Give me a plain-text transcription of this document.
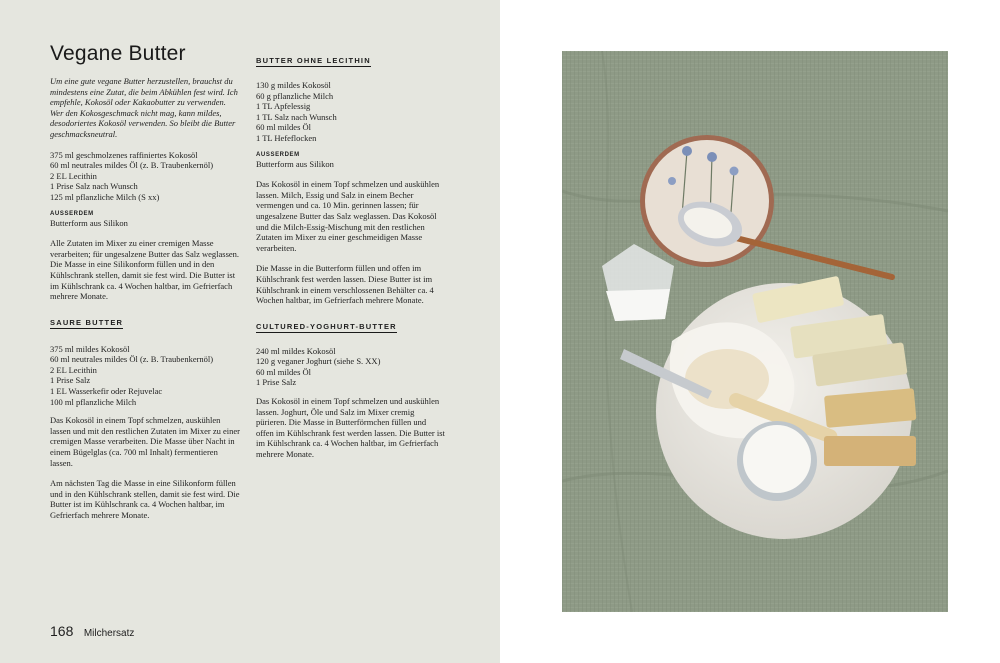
Vegane Butter

Um eine gute vegane Butter herzustellen, brauchst du mindestens eine Zutat, die beim Abkühlen fest wird. Ich empfehle, Kokosöl oder Kakaobutter zu verwenden. Wer den Kokosgeschmack nicht mag, kann mildes, desodoriertes Kokosöl verwenden. So bleibt die Butter geschmacksneutral.

375 ml geschmolzenes raffiniertes Kokosöl
60 ml neutrales mildes Öl (z. B. Traubenkernöl)
2 EL Lecithin
1 Prise Salz nach Wunsch
125 ml pflanzliche Milch (S xx)
AUSSERDEM

Butterform aus Silikon

Alle Zutaten im Mixer zu einer cremigen Masse verarbeiten; für ungesalzene Butter das Salz weglassen. Die Masse in eine Silikonform füllen und in den Kühlschrank stellen, damit sie fest wird. Die Butter ist im Kühlschrank ca. 4 Wochen haltbar, im Gefrierfach mehrere Monate.

SAURE BUTTER
375 ml mildes Kokosöl
60 ml neutrales mildes Öl (z. B. Traubenkernöl)
2 EL Lecithin
1 Prise Salz
1 EL Wasserkefir oder Rejuvelac
100 ml pflanzliche Milch

Das Kokosöl in einem Topf schmelzen, auskühlen lassen und mit den restlichen Zutaten im Mixer zu einer cremigen Masse verarbeiten. Die Masse über Nacht in einem Bügelglas (ca. 700 ml Inhalt) fermentieren lassen.

Am nächsten Tag die Masse in eine Silikonform füllen und in den Kühlschrank stellen, damit sie fest wird. Die Butter ist im Kühlschrank ca. 4 Wochen haltbar, im Gefrierfach mehrere Monate.

BUTTER OHNE LECITHIN
130 g mildes Kokosöl
60 g pflanzliche Milch
1 TL Apfelessig
1 TL Salz nach Wunsch
60 ml mildes Öl
1 TL Hefeflocken
AUSSERDEM

Butterform aus Silikon

Das Kokosöl in einem Topf schmelzen und auskühlen lassen. Milch, Essig und Salz in einem Becher vermengen und ca. 10 Min. gerinnen lassen; für ungesalzene Butter das Salz weglassen. Das Kokosöl und die Milch-Essig-Mischung mit den restlichen Zutaten im Mixer zu einer geschmeidigen Masse verarbeiten.

Die Masse in die Butterform füllen und offen im Kühlschrank fest werden lassen. Diese Butter ist im Kühlschrank in einem verschlossenen Behälter ca. 4 Wochen haltbar, im Gefrierfach mehrere Monate.

CULTURED-YOGHURT-BUTTER
240 ml mildes Kokosöl
120 g veganer Joghurt (siehe S. XX)
60 ml mildes Öl
1 Prise Salz

Das Kokosöl in einem Topf schmelzen und auskühlen lassen. Joghurt, Öle und Salz im Mixer cremig pürieren. Die Masse in Butterförmchen füllen und offen im Kühlschrank fest werden lassen. Die Butter ist im Kühlschrank ca. 4 Wochen haltbar, im Gefrierfach mehrere Monate.

168 Milchersatz
